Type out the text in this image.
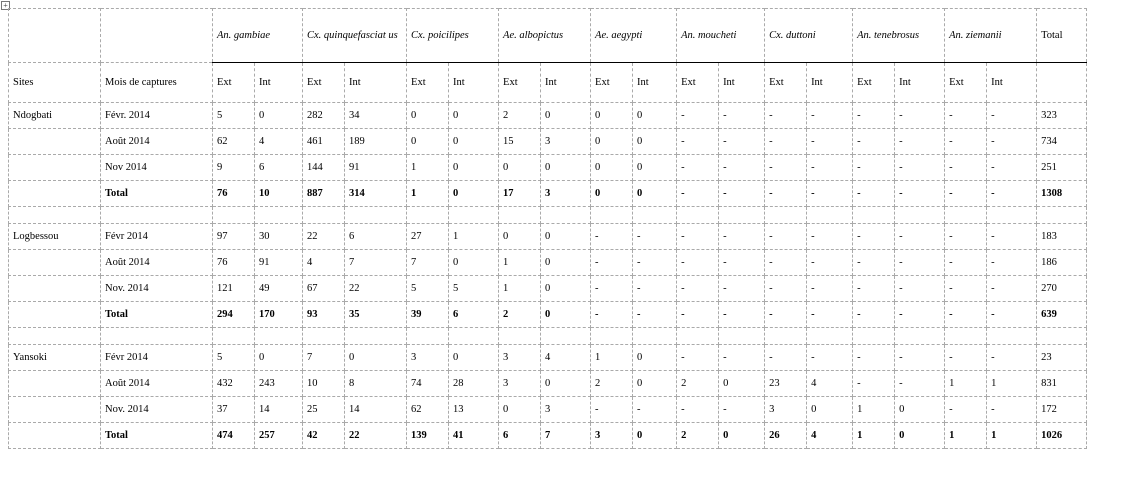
+
		An. gambiae		Cx. quinquefasciat us		Cx. poicilipes		Ae. albopictus		Ae. aegypti		An. moucheti		Cx. duttoni		An. tenebrosus		An. ziemanii		Total
Sites	Mois de captures	Ext	Int	Ext	Int	Ext	Int	Ext	Int	Ext	Int	Ext	Int	Ext	Int	Ext	Int	Ext	Int	
Ndogbati	Févr. 2014	5	0	282	34	0	0	2	0	0	0	-	-	-	-	-	-	-	-	323
	Août 2014	62	4	461	189	0	0	15	3	0	0	-	-	-	-	-	-	-	-	734
	Nov 2014	9	6	144	91	1	0	0	0	0	0	-	-	-	-	-	-	-	-	251
	Total	76	10	887	314	1	0	17	3	0	0	-	-	-	-	-	-	-	-	1308

Logbessou	Févr 2014	97	30	22	6	27	1	0	0	-	-	-	-	-	-	-	-	-	-	183
	Août 2014	76	91	4	7	7	0	1	0	-	-	-	-	-	-	-	-	-	-	186
	Nov. 2014	121	49	67	22	5	5	1	0	-	-	-	-	-	-	-	-	-	-	270
	Total	294	170	93	35	39	6	2	0	-	-	-	-	-	-	-	-	-	-	639

Yansoki	Févr 2014	5	0	7	0	3	0	3	4	1	0	-	-	-	-	-	-	-	-	23
	Août 2014	432	243	10	8	74	28	3	0	2	0	2	0	23	4	-	-	1	1	831
	Nov. 2014	37	14	25	14	62	13	0	3	-	-	-	-	3	0	1	0	-	-	172
	Total	474	257	42	22	139	41	6	7	3	0	2	0	26	4	1	0	1	1	1026
